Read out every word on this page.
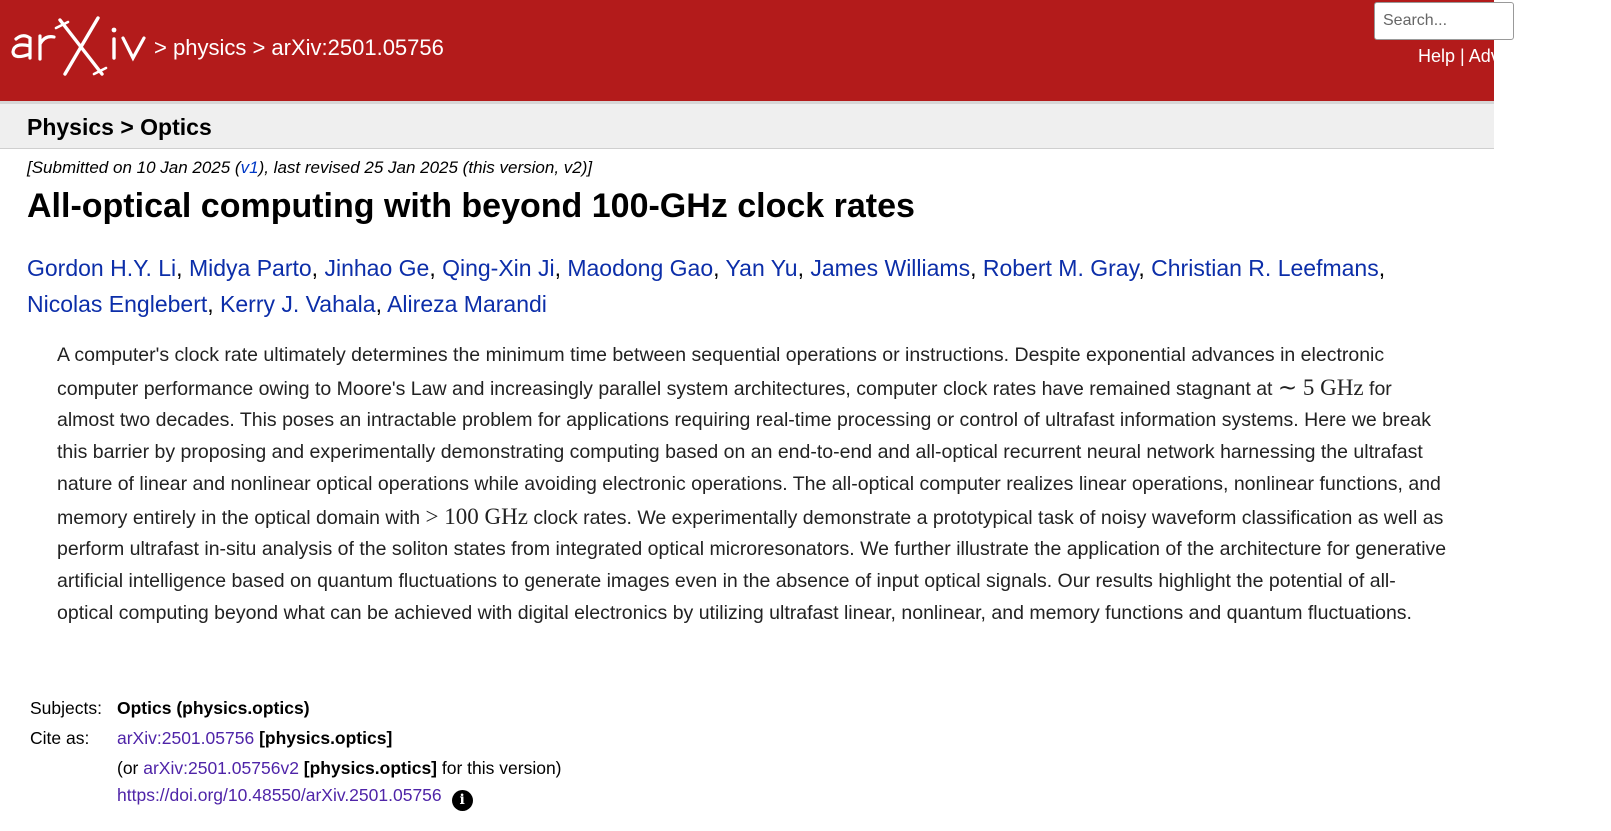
> physics > arXiv:2501.05756
Search...	Help | Advanced Search
Physics > Optics
[Submitted on 10 Jan 2025 (v1), last revised 25 Jan 2025 (this version, v2)]
All-optical computing with beyond 100-GHz clock rates
Gordon H.Y. Li, Midya Parto, Jinhao Ge, Qing-Xin Ji, Maodong Gao, Yan Yu, James Williams, Robert M. Gray, Christian R. Leefmans,
Nicolas Englebert, Kerry J. Vahala, Alireza Marandi

A computer's clock rate ultimately determines the minimum time between sequential operations or instructions. Despite exponential advances in electronic computer performance owing to Moore's Law and increasingly parallel system architectures, computer clock rates have remained stagnant at ∼ 5 GHz for almost two decades. This poses an intractable problem for applications requiring real-time processing or control of ultrafast information systems. Here we break this barrier by proposing and experimentally demonstrating computing based on an end-to-end and all-optical recurrent neural network harnessing the ultrafast nature of linear and nonlinear optical operations while avoiding electronic operations. The all-optical computer realizes linear operations, nonlinear functions, and memory entirely in the optical domain with > 100 GHz clock rates. We experimentally demonstrate a prototypical task of noisy waveform classification as well as perform ultrafast in-situ analysis of the soliton states from integrated optical microresonators. We further illustrate the application of the architecture for generative artificial intelligence based on quantum fluctuations to generate images even in the absence of input optical signals. Our results highlight the potential of all-optical computing beyond what can be achieved with digital electronics by utilizing ultrafast linear, nonlinear, and memory functions and quantum fluctuations.

Subjects:	Optics (physics.optics)
Cite as:	arXiv:2501.05756 [physics.optics]
	(or arXiv:2501.05756v2 [physics.optics] for this version)
	https://doi.org/10.48550/arXiv.2501.05756 i
